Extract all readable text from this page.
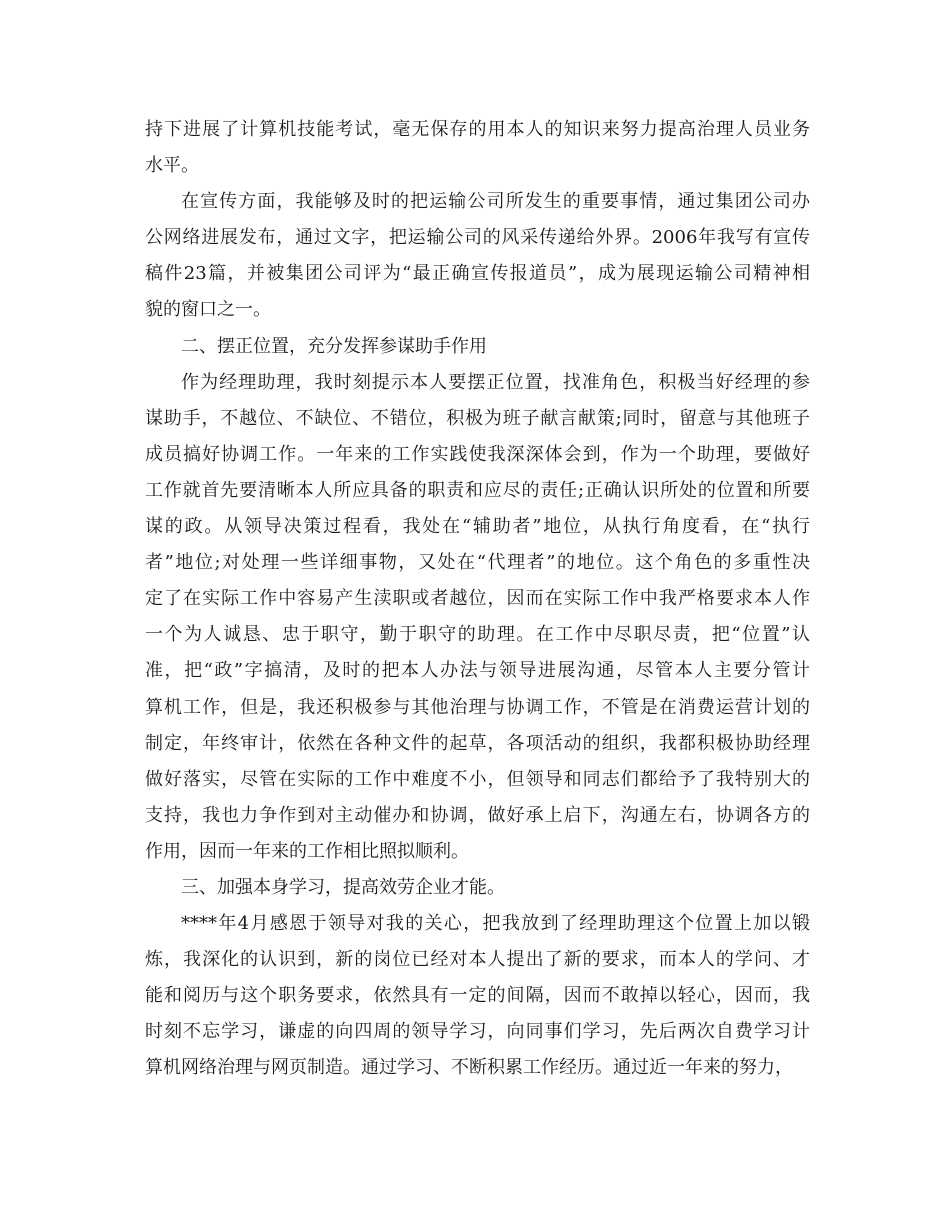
持下进展了计算机技能考试，毫无保存的用本人的知识来努力提高治理人员业务
水平。
在宣传方面，我能够及时的把运输公司所发生的重要事情，通过集团公司办
公网络进展发布，通过文字，把运输公司的风采传递给外界。2006年我写有宣传
稿件23篇，并被集团公司评为“最正确宣传报道员”，成为展现运输公司精神相
貌的窗口之一。
二、摆正位置，充分发挥参谋助手作用
作为经理助理，我时刻提示本人要摆正位置，找准角色，积极当好经理的参
谋助手，不越位、不缺位、不错位，积极为班子献言献策;同时，留意与其他班子
成员搞好协调工作。一年来的工作实践使我深深体会到，作为一个助理，要做好
工作就首先要清晰本人所应具备的职责和应尽的责任;正确认识所处的位置和所要
谋的政。从领导决策过程看，我处在“辅助者”地位，从执行角度看，在“执行
者”地位;对处理一些详细事物，又处在“代理者”的地位。这个角色的多重性决
定了在实际工作中容易产生渎职或者越位，因而在实际工作中我严格要求本人作
一个为人诚恳、忠于职守，勤于职守的助理。在工作中尽职尽责，把“位置”认
准，把“政”字搞清，及时的把本人办法与领导进展沟通，尽管本人主要分管计
算机工作，但是，我还积极参与其他治理与协调工作，不管是在消费运营计划的
制定，年终审计，依然在各种文件的起草，各项活动的组织，我都积极协助经理
做好落实，尽管在实际的工作中难度不小，但领导和同志们都给予了我特别大的
支持，我也力争作到对主动催办和协调，做好承上启下，沟通左右，协调各方的
作用，因而一年来的工作相比照拟顺利。
三、加强本身学习，提高效劳企业才能。
****年4月感恩于领导对我的关心，把我放到了经理助理这个位置上加以锻
炼，我深化的认识到，新的岗位已经对本人提出了新的要求，而本人的学问、才
能和阅历与这个职务要求，依然具有一定的间隔，因而不敢掉以轻心，因而，我
时刻不忘学习，谦虚的向四周的领导学习，向同事们学习，先后两次自费学习计
算机网络治理与网页制造。通过学习、不断积累工作经历。通过近一年来的努力，
